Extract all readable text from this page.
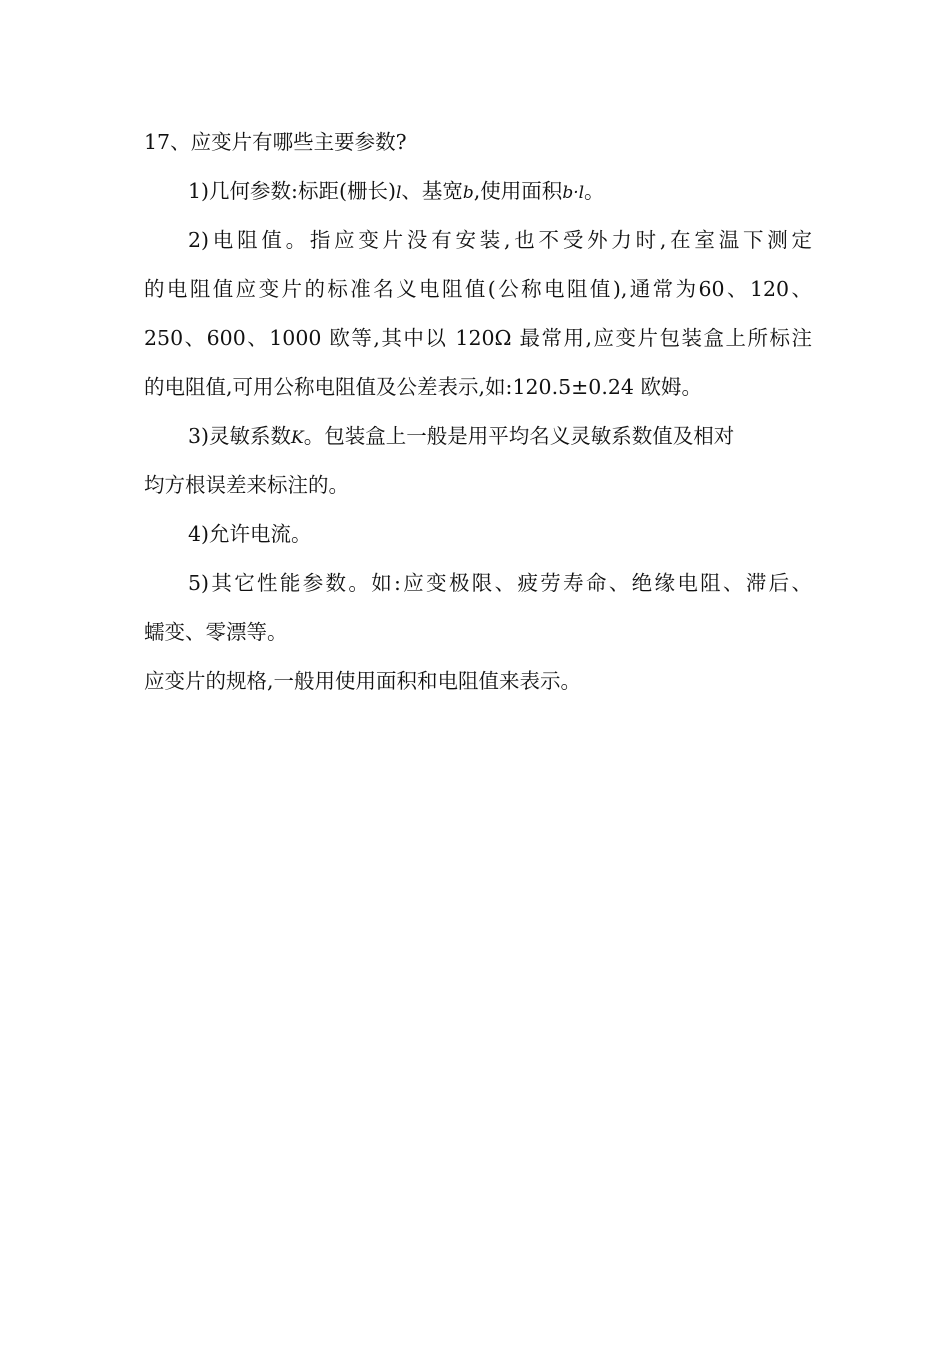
17、应变片有哪些主要参数?
1)几何参数:标距(栅长)l、基宽b,使用面积b·l。
2)电阻值。指应变片没有安装,也不受外力时,在室温下测定
的电阻值应变片的标准名义电阻值(公称电阻值),通常为60、120、
250、600、1000 欧等,其中以 120Ω 最常用,应变片包装盒上所标注
的电阻值,可用公称电阻值及公差表示,如:120.5±0.24 欧姆。
3)灵敏系数K。包装盒上一般是用平均名义灵敏系数值及相对
均方根误差来标注的。
4)允许电流。
5)其它性能参数。如:应变极限、疲劳寿命、绝缘电阻、滞后、
蠕变、零漂等。
应变片的规格,一般用使用面积和电阻值来表示。
